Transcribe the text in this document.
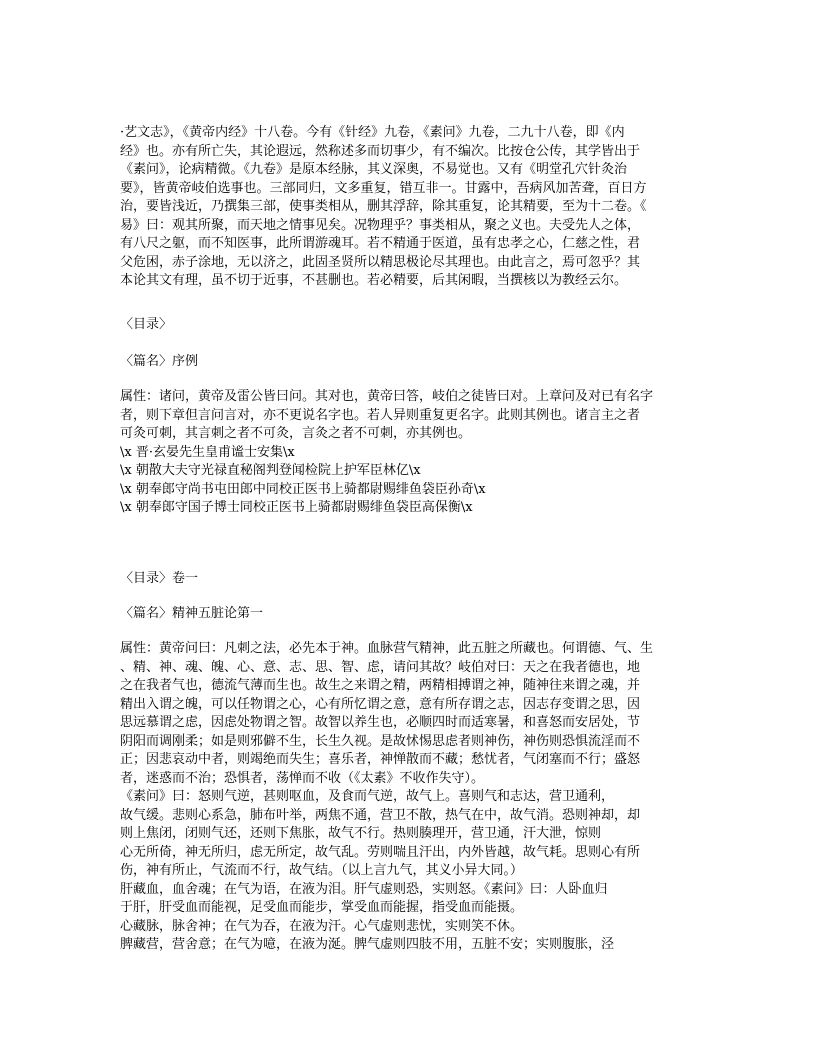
·艺文志》，《黄帝内经》十八卷。今有《针经》九卷，《素问》九卷，二九十八卷，即《内
经》也。亦有所亡失，其论遐远，然称述多而切事少，有不编次。比按仓公传，其学皆出于
《素问》，论病精微。《九卷》是原本经脉，其义深奥，不易觉也。又有《明堂孔穴针灸治
要》，皆黄帝岐伯选事也。三部同归，文多重复，错互非一。甘露中，吾病风加苦聋，百日方
治，要皆浅近，乃撰集三部，使事类相从，删其浮辞，除其重复，论其精要，至为十二卷。《
易》曰：观其所聚，而天地之情事见矣。况物理乎？事类相从，聚之义也。夫受先人之体，
有八尺之躯，而不知医事，此所谓游魂耳。若不精通于医道，虽有忠孝之心，仁慈之性，君
父危困，赤子涂地，无以济之，此固圣贤所以精思极论尽其理也。由此言之，焉可忽乎？其
本论其文有理，虽不切于近事，不甚删也。若必精要，后其闲暇，当撰核以为教经云尔。

〈目录〉
〈篇名〉序例

属性：诸问，黄帝及雷公皆曰问。其对也，黄帝曰答，岐伯之徒皆曰对。上章问及对已有名字
者，则下章但言问言对，亦不更说名字也。若人异则重复更名字。此则其例也。诸言主之者
可灸可刺，其言刺之者不可灸，言灸之者不可刺，亦其例也。

\x 晋·玄晏先生皇甫谧士安集\x

\x 朝散大夫守光禄直秘阁判登闻检院上护军臣林亿\x

\x 朝奉郎守尚书屯田郎中同校正医书上骑都尉赐绯鱼袋臣孙奇\x

\x 朝奉郎守国子博士同校正医书上骑都尉赐绯鱼袋臣高保衡\x

〈目录〉卷一
〈篇名〉精神五脏论第一

属性：黄帝问曰：凡刺之法，必先本于神。血脉营气精神，此五脏之所藏也。何谓德、气、生
、精、神、魂、魄、心、意、志、思、智、虑，请问其故？岐伯对曰：天之在我者德也，地
之在我者气也，德流气薄而生也。故生之来谓之精，两精相搏谓之神，随神往来谓之魂，并
精出入谓之魄，可以任物谓之心，心有所忆谓之意，意有所存谓之志，因志存变谓之思，因
思远慕谓之虑，因虑处物谓之智。故智以养生也，必顺四时而适寒暑，和喜怒而安居处，节
阴阳而调刚柔；如是则邪僻不生，长生久视。是故怵惕思虑者则神伤，神伤则恐惧流淫而不
正；因悲哀动中者，则竭绝而失生；喜乐者，神惮散而不藏；愁忧者，气闭塞而不行；盛怒
者，迷惑而不治；恐惧者，荡惮而不收（《太素》不收作失守）。
《素问》曰：怒则气逆，甚则呕血，及食而气逆，故气上。喜则气和志达，营卫通利，
故气缓。悲则心系急，肺布叶举，两焦不通，营卫不散，热气在中，故气消。恐则神却，却
则上焦闭，闭则气还，还则下焦胀，故气不行。热则腠理开，营卫通，汗大泄，惊则
心无所倚，神无所归，虑无所定，故气乱。劳则喘且汗出，内外皆越，故气耗。思则心有所
伤，神有所止，气流而不行，故气结。（以上言九气，其义小异大同。）
肝藏血，血舍魂；在气为语，在液为泪。肝气虚则恐，实则怒。《素问》曰：人卧血归
于肝，肝受血而能视，足受血而能步，掌受血而能握，指受血而能摄。
心藏脉，脉舍神；在气为吞，在液为汗。心气虚则悲忧，实则笑不休。
脾藏营，营舍意；在气为噫，在液为涎。脾气虚则四肢不用，五脏不安；实则腹胀，泾
